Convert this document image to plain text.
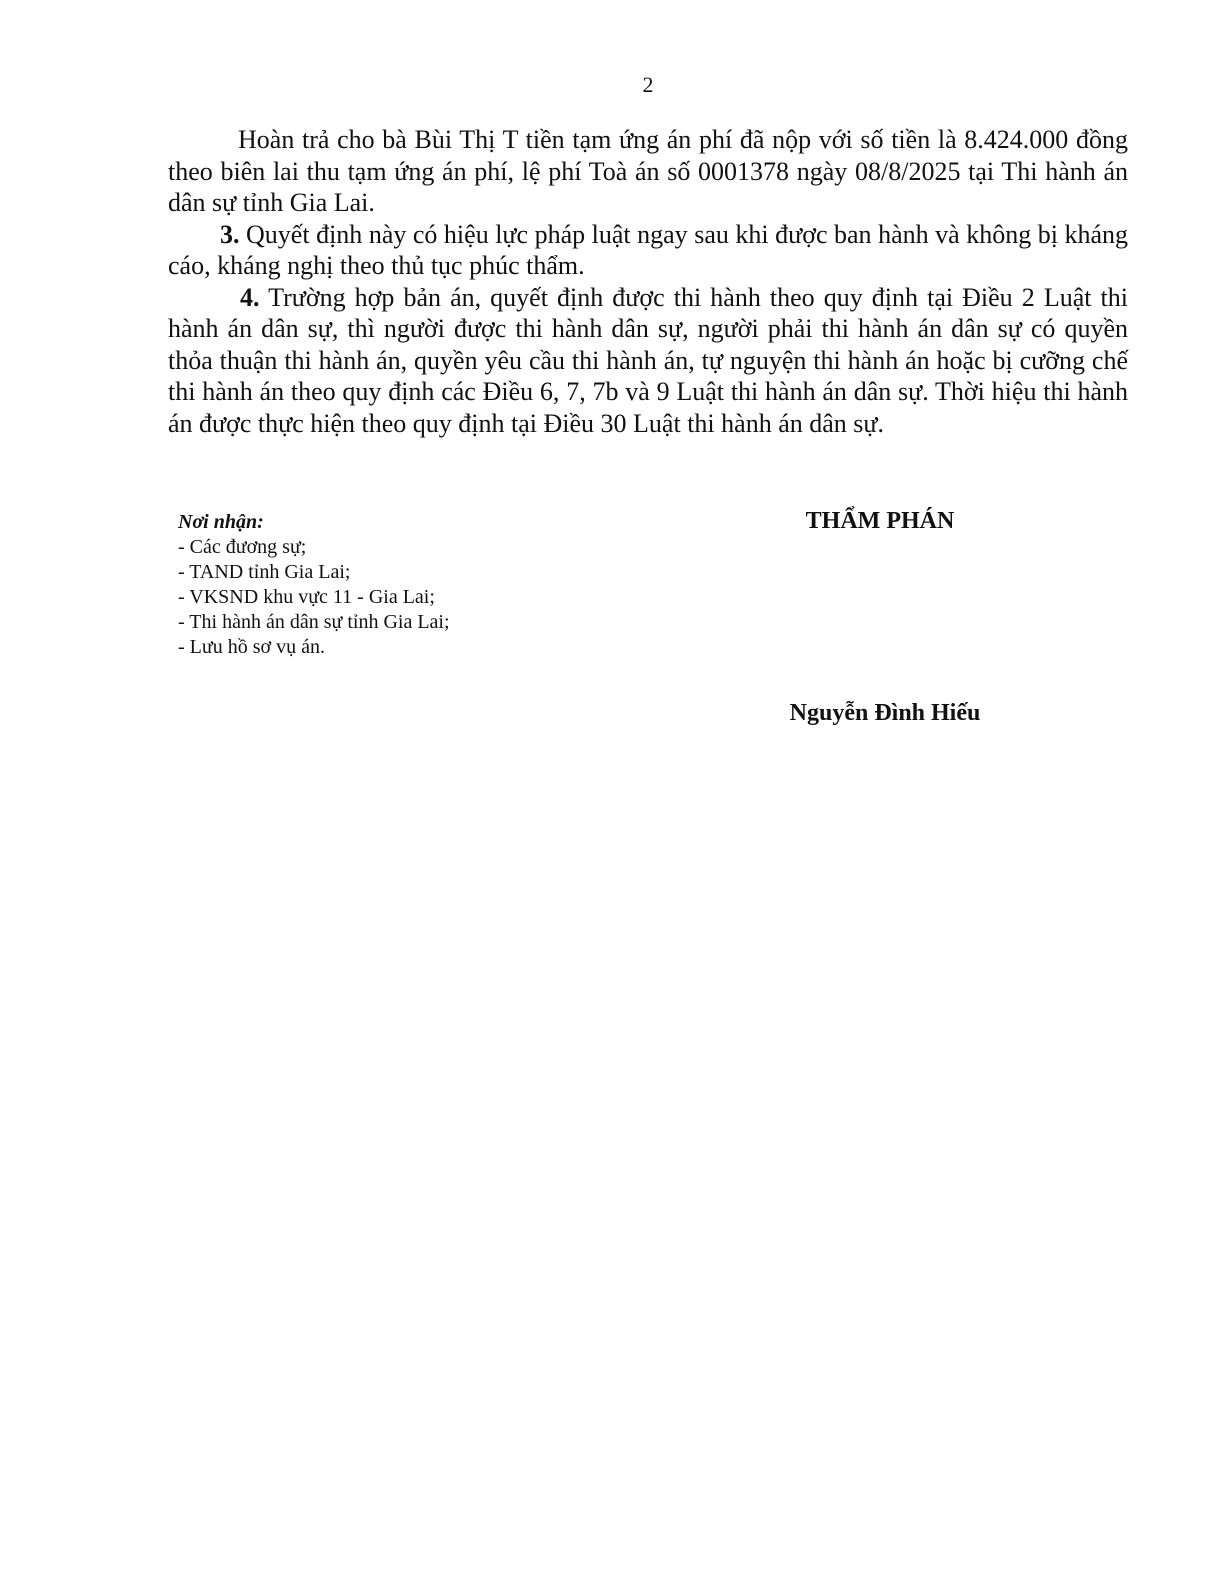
2

Hoàn trả cho bà Bùi Thị T tiền tạm ứng án phí đã nộp với số tiền là 8.424.000 đồng theo biên lai thu tạm ứng án phí, lệ phí Toà án số 0001378 ngày 08/8/2025 tại Thi hành án dân sự tỉnh Gia Lai.

3. Quyết định này có hiệu lực pháp luật ngay sau khi được ban hành và không bị kháng cáo, kháng nghị theo thủ tục phúc thẩm.

4. Trường hợp bản án, quyết định được thi hành theo quy định tại Điều 2 Luật thi hành án dân sự, thì người được thi hành dân sự, người phải thi hành án dân sự có quyền thỏa thuận thi hành án, quyền yêu cầu thi hành án, tự nguyện thi hành án hoặc bị cưỡng chế thi hành án theo quy định các Điều 6, 7, 7b và 9 Luật thi hành án dân sự. Thời hiệu thi hành án được thực hiện theo quy định tại Điều 30 Luật thi hành án dân sự.

Nơi nhận:
- Các đương sự;
- TAND tỉnh Gia Lai;
- VKSND khu vực 11 - Gia Lai;
- Thi hành án dân sự tỉnh Gia Lai;
- Lưu hồ sơ vụ án.
THẨM PHÁN
Nguyễn Đình Hiếu
